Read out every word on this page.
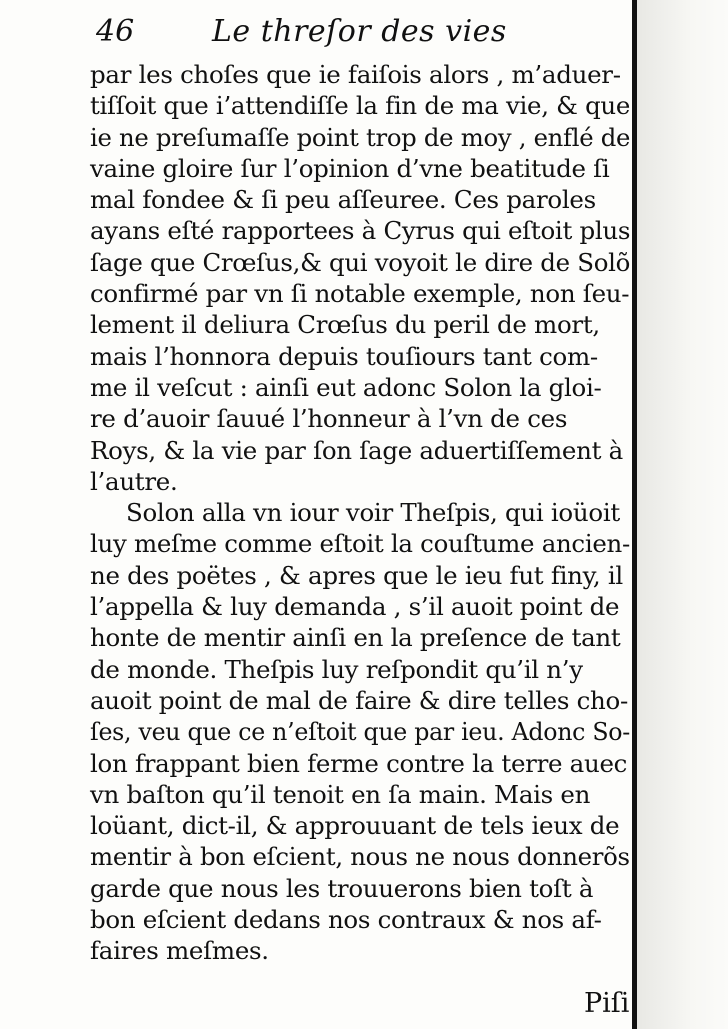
46	Le threſor des vies
par les choſes que ie faiſois alors , m’aduer-
tiſſoit que i’attendiſſe la fin de ma vie, & que
ie ne preſumaſſe point trop de moy , enflé de
vaine gloire ſur l’opinion d’vne beatitude ſi
mal fondee & ſi peu aſſeuree. Ces paroles
ayans eſté rapportees à Cyrus qui eſtoit plus
ſage que Crœſus,& qui voyoit le dire de Solõ
confirmé par vn ſi notable exemple, non ſeu-
lement il deliura Crœſus du peril de mort,
mais l’honnora depuis touſiours tant com-
me il veſcut : ainſi eut adonc Solon la gloi-
re d’auoir ſauué l’honneur à l’vn de ces
Roys, & la vie par ſon ſage aduertiſſement à
l’autre.
Solon alla vn iour voir Theſpis, qui ioüoit
luy meſme comme eſtoit la couſtume ancien-
ne des poëtes , & apres que le ieu fut finy, il
l’appella & luy demanda , s’il auoit point de
honte de mentir ainſi en la preſence de tant
de monde. Theſpis luy reſpondit qu’il n’y
auoit point de mal de faire & dire telles cho-
ſes, veu que ce n’eſtoit que par ieu. Adonc So-
lon frappant bien ferme contre la terre auec
vn baſton qu’il tenoit en ſa main. Mais en
loüant, dict-il, & approuuant de tels ieux de
mentir à bon eſcient, nous ne nous donnerõs
garde que nous les trouuerons bien toſt à
bon eſcient dedans nos contraux & nos af-
faires meſmes.
Piſi
